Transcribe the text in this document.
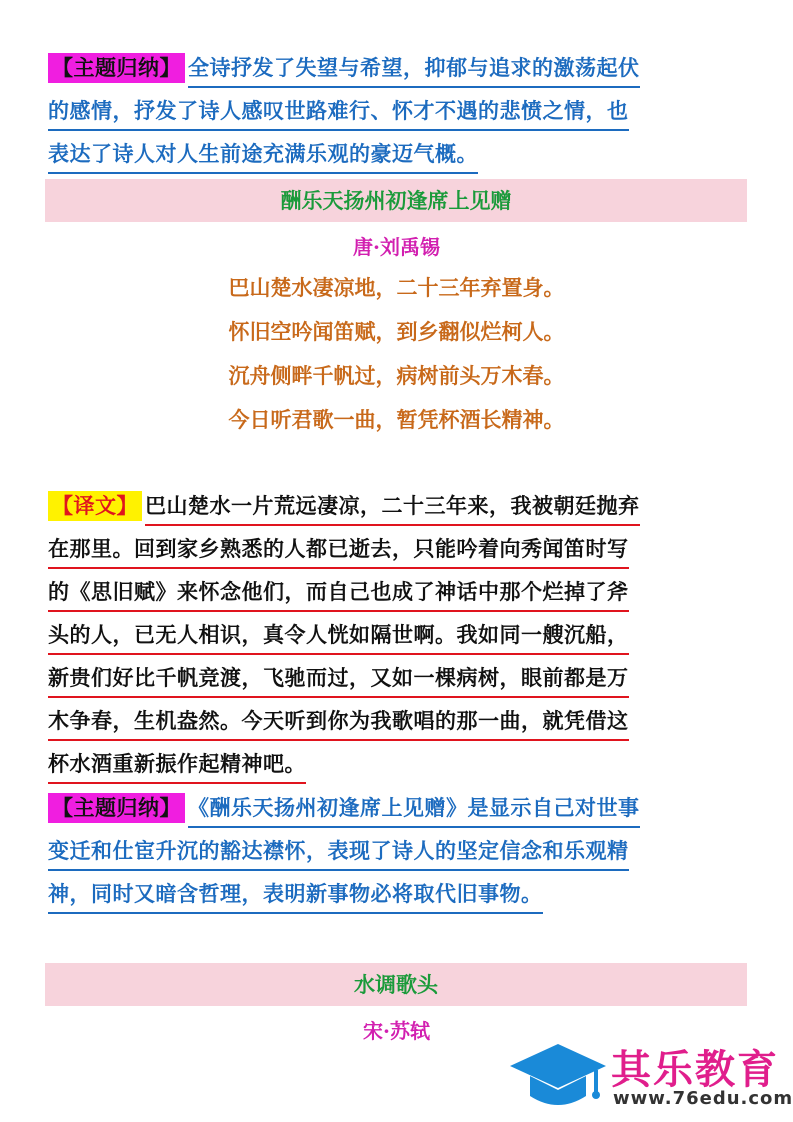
【主题归纳】 全诗抒发了失望与希望，抑郁与追求的激荡起伏
的感情，抒发了诗人感叹世路难行、怀才不遇的悲愤之情，也
表达了诗人对人生前途充满乐观的豪迈气概。
酬乐天扬州初逢席上见赠
唐·刘禹锡
巴山楚水凄凉地，二十三年弃置身。
怀旧空吟闻笛赋，到乡翻似烂柯人。
沉舟侧畔千帆过，病树前头万木春。
今日听君歌一曲，暂凭杯酒长精神。
【译文】 巴山楚水一片荒远凄凉，二十三年来，我被朝廷抛弃
在那里。回到家乡熟悉的人都已逝去，只能吟着向秀闻笛时写
的《思旧赋》来怀念他们，而自己也成了神话中那个烂掉了斧
头的人，已无人相识，真令人恍如隔世啊。我如同一艘沉船，
新贵们好比千帆竞渡，飞驰而过，又如一棵病树，眼前都是万
木争春，生机盎然。今天听到你为我歌唱的那一曲，就凭借这
杯水酒重新振作起精神吧。
【主题归纳】 《酬乐天扬州初逢席上见赠》是显示自己对世事
变迁和仕宦升沉的豁达襟怀，表现了诗人的坚定信念和乐观精
神，同时又暗含哲理，表明新事物必将取代旧事物。
水调歌头
宋·苏轼
其乐教育
www.76edu.com
